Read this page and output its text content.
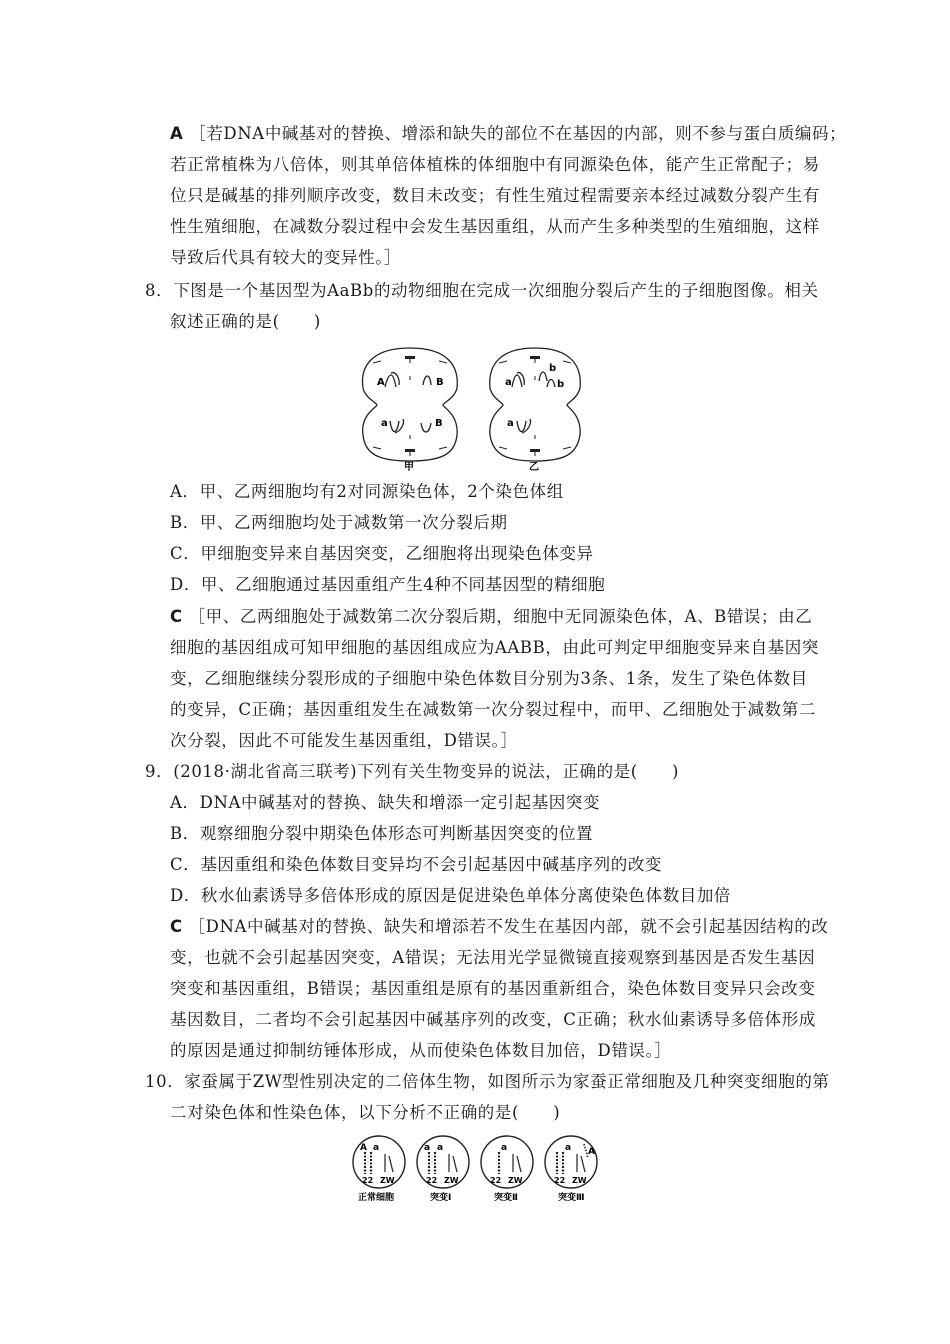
A ［若DNA中碱基对的替换、增添和缺失的部位不在基因的内部，则不参与蛋白质编码；
若正常植株为八倍体，则其单倍体植株的体细胞中有同源染色体，能产生正常配子；易
位只是碱基的排列顺序改变，数目未改变；有性生殖过程需要亲本经过减数分裂产生有
性生殖细胞，在减数分裂过程中会发生基因重组，从而产生多种类型的生殖细胞，这样
导致后代具有较大的变异性。］
8．下图是一个基因型为AaBb的动物细胞在完成一次细胞分裂后产生的子细胞图像。相关
叙述正确的是(　　)
A	B
a	B
甲
a
b
b
a
乙
A．甲、乙两细胞均有2对同源染色体，2个染色体组
B．甲、乙两细胞均处于减数第一次分裂后期
C．甲细胞变异来自基因突变，乙细胞将出现染色体变异
D．甲、乙细胞通过基因重组产生4种不同基因型的精细胞
C ［甲、乙两细胞处于减数第二次分裂后期，细胞中无同源染色体，A、B错误；由乙
细胞的基因组成可知甲细胞的基因组成应为AABB，由此可判定甲细胞变异来自基因突
变，乙细胞继续分裂形成的子细胞中染色体数目分别为3条、1条，发生了染色体数目
的变异，C正确；基因重组发生在减数第一次分裂过程中，而甲、乙细胞处于减数第二
次分裂，因此不可能发生基因重组，D错误。］
9．(2018·湖北省高三联考)下列有关生物变异的说法，正确的是(　　)
A．DNA中碱基对的替换、缺失和增添一定引起基因突变
B．观察细胞分裂中期染色体形态可判断基因突变的位置
C．基因重组和染色体数目变异均不会引起基因中碱基序列的改变
D．秋水仙素诱导多倍体形成的原因是促进染色单体分离使染色体数目加倍
C ［DNA中碱基对的替换、缺失和增添若不发生在基因内部，就不会引起基因结构的改
变，也就不会引起基因突变，A错误；无法用光学显微镜直接观察到基因是否发生基因
突变和基因重组，B错误；基因重组是原有的基因重新组合，染色体数目变异只会改变
基因数目，二者均不会引起基因中碱基序列的改变，C正确；秋水仙素诱导多倍体形成
的原因是通过抑制纺锤体形成，从而使染色体数目加倍，D错误。］
10．家蚕属于ZW型性别决定的二倍体生物，如图所示为家蚕正常细胞及几种突变细胞的第
二对染色体和性染色体，以下分析不正确的是(　　)
A a
22 ZW
正常细胞
a a
22 ZW
突变Ⅰ
a
22 ZW
突变Ⅱ
a A
22 ZW
突变Ⅲ
